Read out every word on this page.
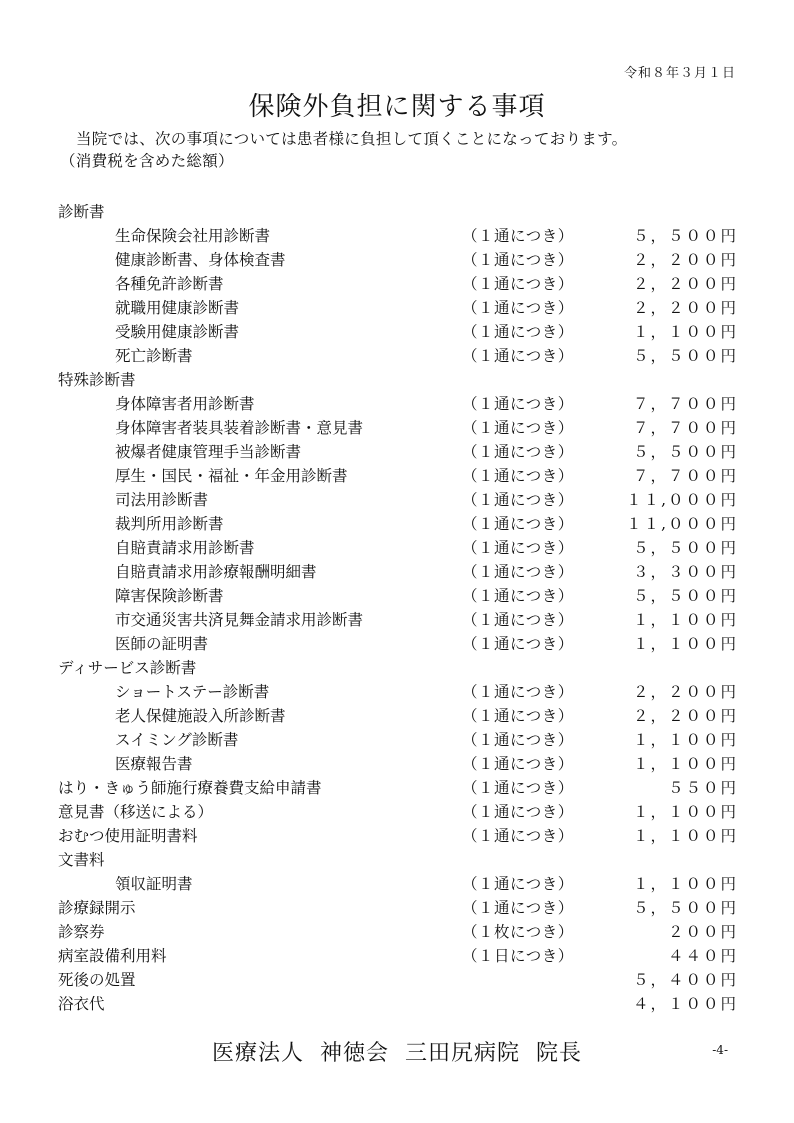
令和８年３月１日
保険外負担に関する事項
当院では、次の事項については患者様に負担して頂くことになっております。
（消費税を含めた総額）
診断書
生命保険会社用診断書	（１通につき）	５，５００円
健康診断書、身体検査書	（１通につき）	２，２００円
各種免許診断書	（１通につき）	２，２００円
就職用健康診断書	（１通につき）	２，２００円
受験用健康診断書	（１通につき）	１，１００円
死亡診断書	（１通につき）	５，５００円
特殊診断書
身体障害者用診断書	（１通につき）	７，７００円
身体障害者装具装着診断書・意見書	（１通につき）	７，７００円
被爆者健康管理手当診断書	（１通につき）	５，５００円
厚生・国民・福祉・年金用診断書	（１通につき）	７，７００円
司法用診断書	（１通につき）	１１,０００円
裁判所用診断書	（１通につき）	１１,０００円
自賠責請求用診断書	（１通につき）	５，５００円
自賠責請求用診療報酬明細書	（１通につき）	３，３００円
障害保険診断書	（１通につき）	５，５００円
市交通災害共済見舞金請求用診断書	（１通につき）	１，１００円
医師の証明書	（１通につき）	１，１００円
ディサービス診断書
ショートステー診断書	（１通につき）	２，２００円
老人保健施設入所診断書	（１通につき）	２，２００円
スイミング診断書	（１通につき）	１，１００円
医療報告書	（１通につき）	１，１００円
はり・きゅう師施行療養費支給申請書	（１通につき）	５５０円
意見書（移送による）	（１通につき）	１，１００円
おむつ使用証明書料	（１通につき）	１，１００円
文書料
領収証明書	（１通につき）	１，１００円
診療録開示	（１通につき）	５，５００円
診察券	（１枚につき）	２００円
病室設備利用料	（１日につき）	４４０円
死後の処置	５，４００円
浴衣代	４，１００円
医療法人 神徳会 三田尻病院 院長	-4-
